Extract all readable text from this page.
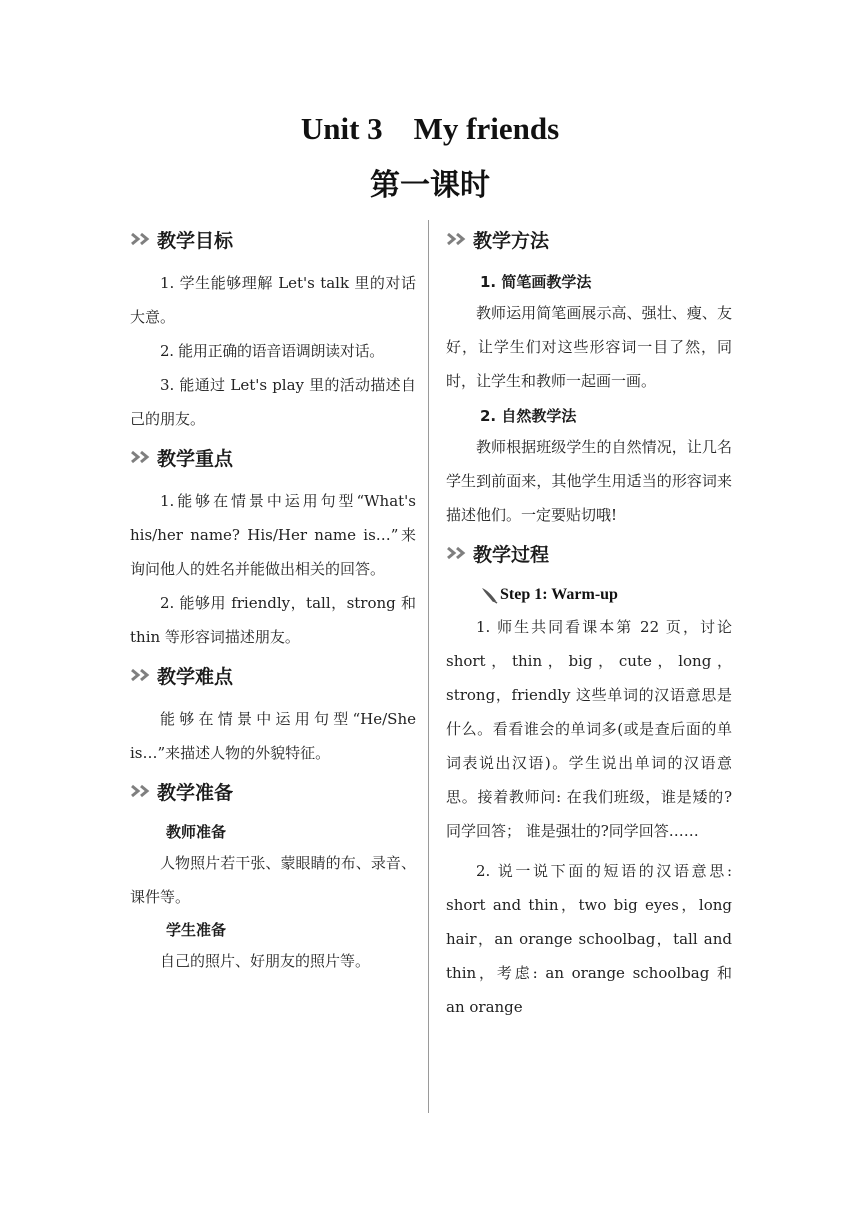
Unit 3　My friends
第一课时
教学目标
1. 学生能够理解 Let's talk 里的对话大意。
2. 能用正确的语音语调朗读对话。
3. 能通过 Let's play 里的活动描述自己的朋友。
教学重点
1.能够在情景中运用句型“What's his/her name? His/Her name is…”来询问他人的姓名并能做出相关的回答。
2. 能够用 friendly，tall，strong 和 thin 等形容词描述朋友。
教学难点
能够在情景中运用句型“He/She is…”来描述人物的外貌特征。
教学准备
教师准备
人物照片若干张、蒙眼睛的布、录音、课件等。
学生准备
自己的照片、好朋友的照片等。
教学方法
1. 简笔画教学法
教师运用简笔画展示高、强壮、瘦、友好，让学生们对这些形容词一目了然，同时，让学生和教师一起画一画。
2. 自然教学法
教师根据班级学生的自然情况，让几名学生到前面来，其他学生用适当的形容词来描述他们。一定要贴切哦!
教学过程
Step 1: Warm-up
1. 师生共同看课本第 22 页，讨论 short，thin，big，cute，long，strong，friendly 这些单词的汉语意思是什么。看看谁会的单词多(或是查后面的单词表说出汉语)。学生说出单词的汉语意思。接着教师问: 在我们班级，谁是矮的?同学回答； 谁是强壮的?同学回答……
2. 说一说下面的短语的汉语意思: short and thin，two big eyes，long hair，an orange schoolbag，tall and thin，考虑: an orange schoolbag 和 an orange
